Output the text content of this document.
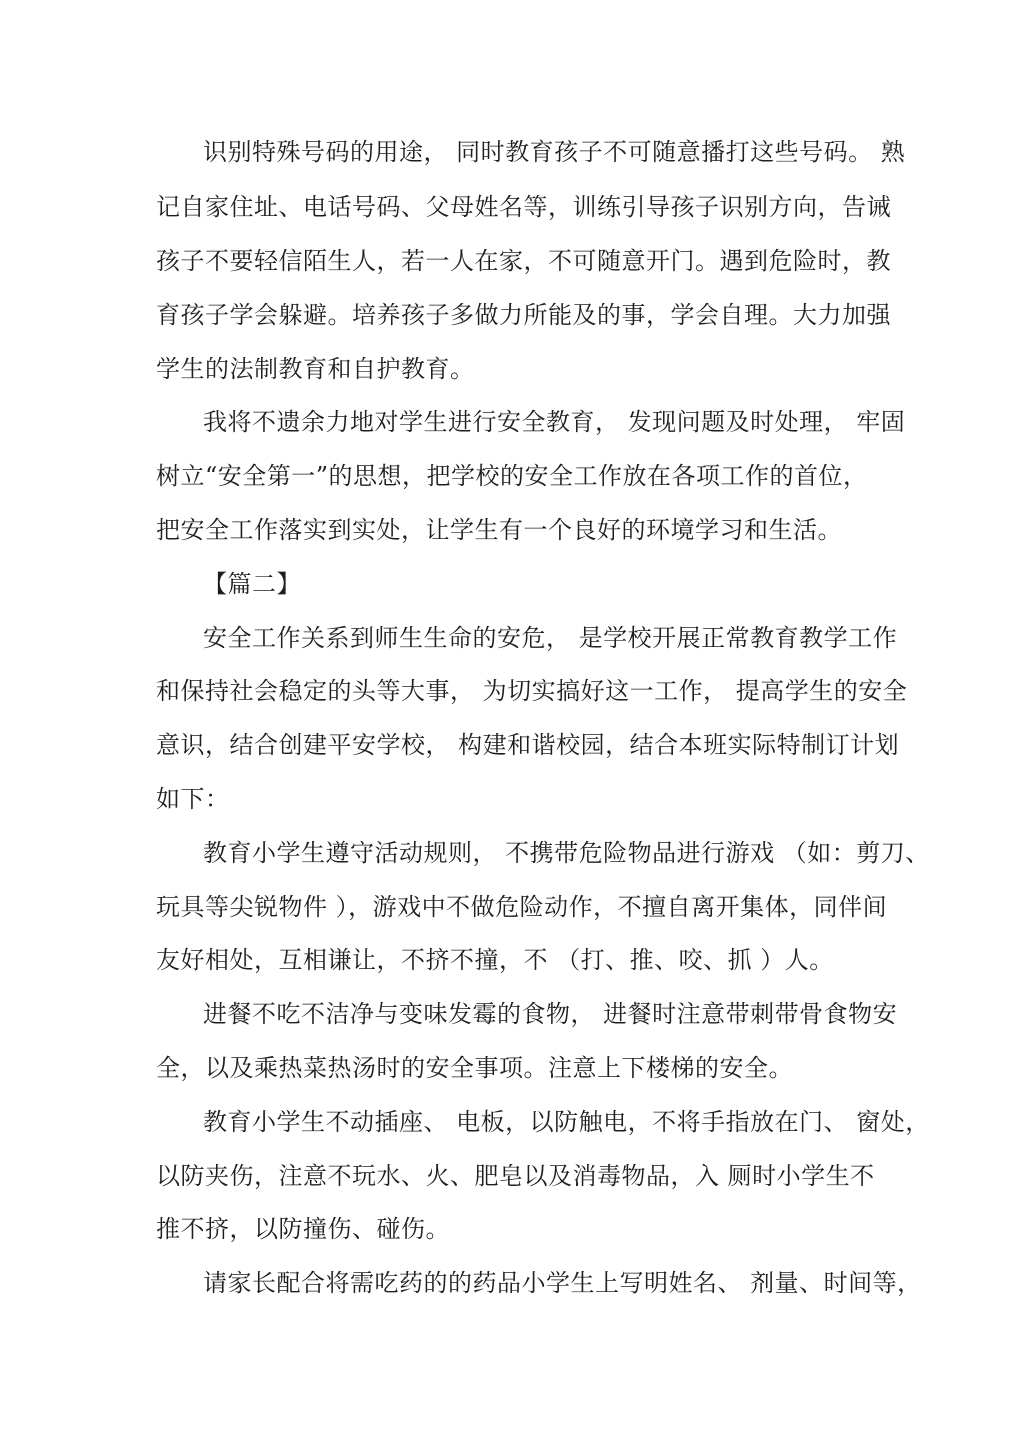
识别特殊号码的用途， 同时教育孩子不可随意播打这些号码。 熟
记自家住址、电话号码、父母姓名等，训练引导孩子识别方向，告诫
孩子不要轻信陌生人，若一人在家，不可随意开门。遇到危险时，教
育孩子学会躲避。培养孩子多做力所能及的事，学会自理。大力加强
学生的法制教育和自护教育。
我将不遗余力地对学生进行安全教育， 发现问题及时处理， 牢固
树立“安全第一”的思想，把学校的安全工作放在各项工作的首位，
把安全工作落实到实处，让学生有一个良好的环境学习和生活。
【篇二】
安全工作关系到师生生命的安危， 是学校开展正常教育教学工作
和保持社会稳定的头等大事， 为切实搞好这一工作， 提高学生的安全
意识，结合创建平安学校， 构建和谐校园，结合本班实际特制订计划
如下：
教育小学生遵守活动规则， 不携带危险物品进行游戏 （如：剪刀、
玩具等尖锐物件 ），游戏中不做危险动作，不擅自离开集体，同伴间
友好相处，互相谦让，不挤不撞，不 （打、推、咬、抓 ）人。
进餐不吃不洁净与变味发霉的食物， 进餐时注意带刺带骨食物安
全，以及乘热菜热汤时的安全事项。注意上下楼梯的安全。
教育小学生不动插座、 电板，以防触电，不将手指放在门、 窗处，
以防夹伤，注意不玩水、火、肥皂以及消毒物品，入 厕时小学生不
推不挤，以防撞伤、碰伤。
请家长配合将需吃药的的药品小学生上写明姓名、 剂量、时间等，
